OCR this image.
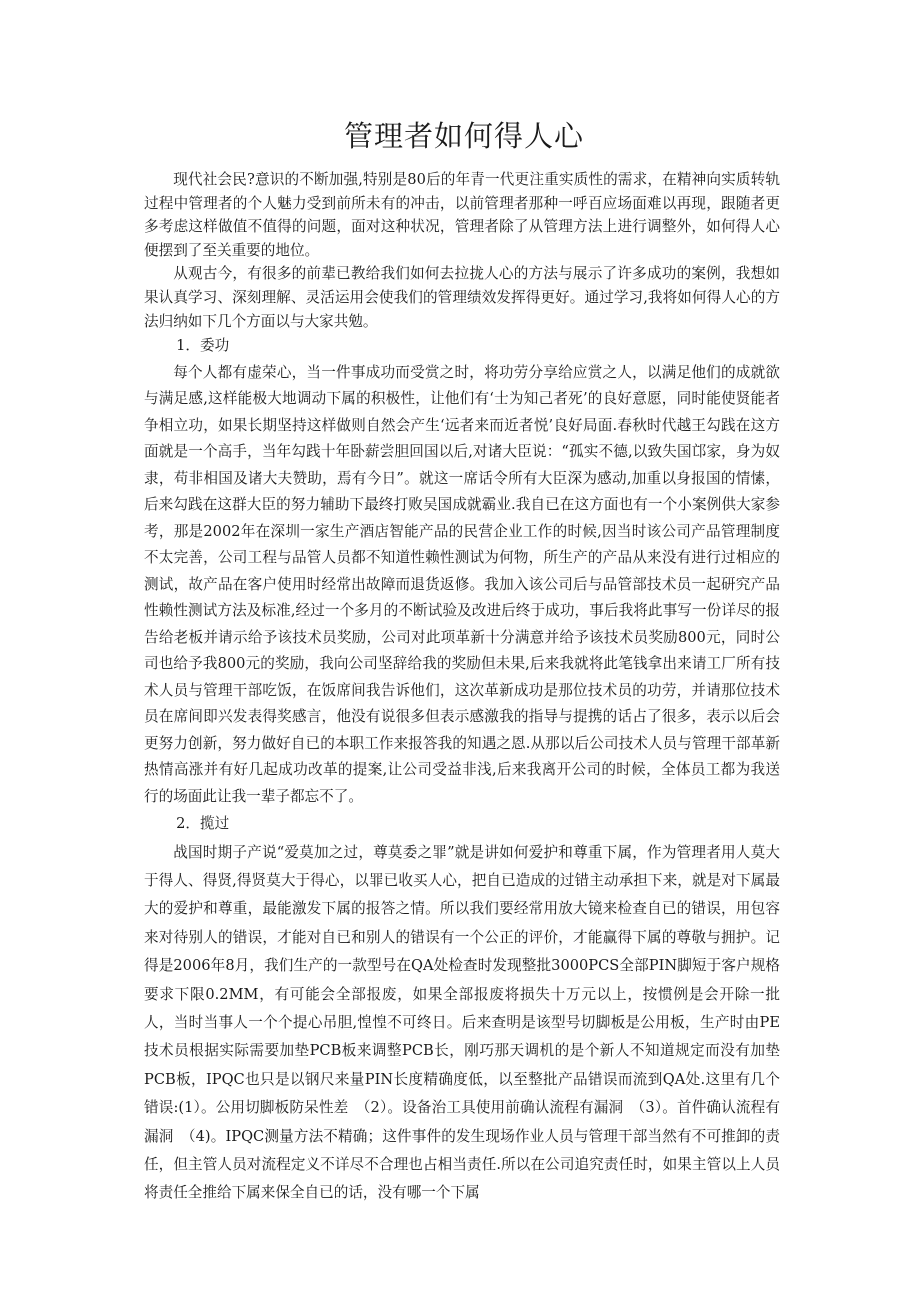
管理者如何得人心

现代社会民?意识的不断加强,特别是80后的年青一代更注重实质性的需求，在精神向实质转轨过程中管理者的个人魅力受到前所未有的冲击，以前管理者那种一呼百应场面难以再现，跟随者更多考虑这样做值不值得的问题，面对这种状况，管理者除了从管理方法上进行调整外，如何得人心便摆到了至关重要的地位。

从观古今，有很多的前辈已教给我们如何去拉拢人心的方法与展示了许多成功的案例，我想如果认真学习、深刻理解、灵活运用会使我们的管理绩效发挥得更好。通过学习,我将如何得人心的方法归纳如下几个方面以与大家共勉。

1．委功

每个人都有虚荣心，当一件事成功而受赏之时，将功劳分享给应赏之人，以满足他们的成就欲与满足感,这样能极大地调动下属的积极性，让他们有‘士为知己者死’的良好意愿，同时能使贤能者争相立功，如果长期坚持这样做则自然会产生‘远者来而近者悦’良好局面.春秋时代越王勾践在这方面就是一个高手，当年勾践十年卧薪尝胆回国以后,对诸大臣说：“孤实不德,以致失国邙家，身为奴隶，苟非相国及诸大夫赞助，焉有今日”。就这一席话令所有大臣深为感动,加重以身报国的情愫，后来勾践在这群大臣的努力辅助下最终打败吴国成就霸业.我自已在这方面也有一个小案例供大家参考，那是2002年在深圳一家生产酒店智能产品的民营企业工作的时候,因当时该公司产品管理制度不太完善，公司工程与品管人员都不知道性赖性测试为何物，所生产的产品从来没有进行过相应的测试，故产品在客户使用时经常出故障而退货返修。我加入该公司后与品管部技术员一起研究产品性赖性测试方法及标准,经过一个多月的不断试验及改进后终于成功，事后我将此事写一份详尽的报告给老板并请示给予该技术员奖励，公司对此项革新十分满意并给予该技术员奖励800元，同时公司也给予我800元的奖励，我向公司坚辞给我的奖励但未果,后来我就将此笔钱拿出来请工厂所有技术人员与管理干部吃饭，在饭席间我告诉他们，这次革新成功是那位技术员的功劳，并请那位技术员在席间即兴发表得奖感言，他没有说很多但表示感激我的指导与提携的话占了很多，表示以后会更努力创新，努力做好自已的本职工作来报答我的知遇之恩.从那以后公司技术人员与管理干部革新热情高涨并有好几起成功改革的提案,让公司受益非浅,后来我离开公司的时候，全体员工都为我送行的场面此让我一辈子都忘不了。

2．揽过

战国时期子产说“爱莫加之过，尊莫委之罪”就是讲如何爱护和尊重下属，作为管理者用人莫大于得人、得贤,得贤莫大于得心，以罪已收买人心，把自已造成的过错主动承担下来，就是对下属最大的爱护和尊重，最能激发下属的报答之情。所以我们要经常用放大镜来检查自已的错误，用包容来对待别人的错误，才能对自已和别人的错误有一个公正的评价，才能赢得下属的尊敬与拥护。记得是2006年8月，我们生产的一款型号在QA处检查时发现整批3000PCS全部PIN脚短于客户规格要求下限0.2MM，有可能会全部报废，如果全部报废将损失十万元以上，按惯例是会开除一批人，当时当事人一个个提心吊胆,惶惶不可终日。后来查明是该型号切脚板是公用板，生产时由PE技术员根据实际需要加垫PCB板来调整PCB长，刚巧那天调机的是个新人不知道规定而没有加垫PCB板，IPQC也只是以钢尺来量PIN长度精确度低，以至整批产品错误而流到QA处.这里有几个错误:(1）。公用切脚板防呆性差　（2）。设备治工具使用前确认流程有漏洞　（3）。首件确认流程有漏洞　（4)。IPQC测量方法不精确；这件事件的发生现场作业人员与管理干部当然有不可推卸的责任，但主管人员对流程定义不详尽不合理也占相当责任.所以在公司追究责任时，如果主管以上人员将责任全推给下属来保全自已的话，没有哪一个下属
